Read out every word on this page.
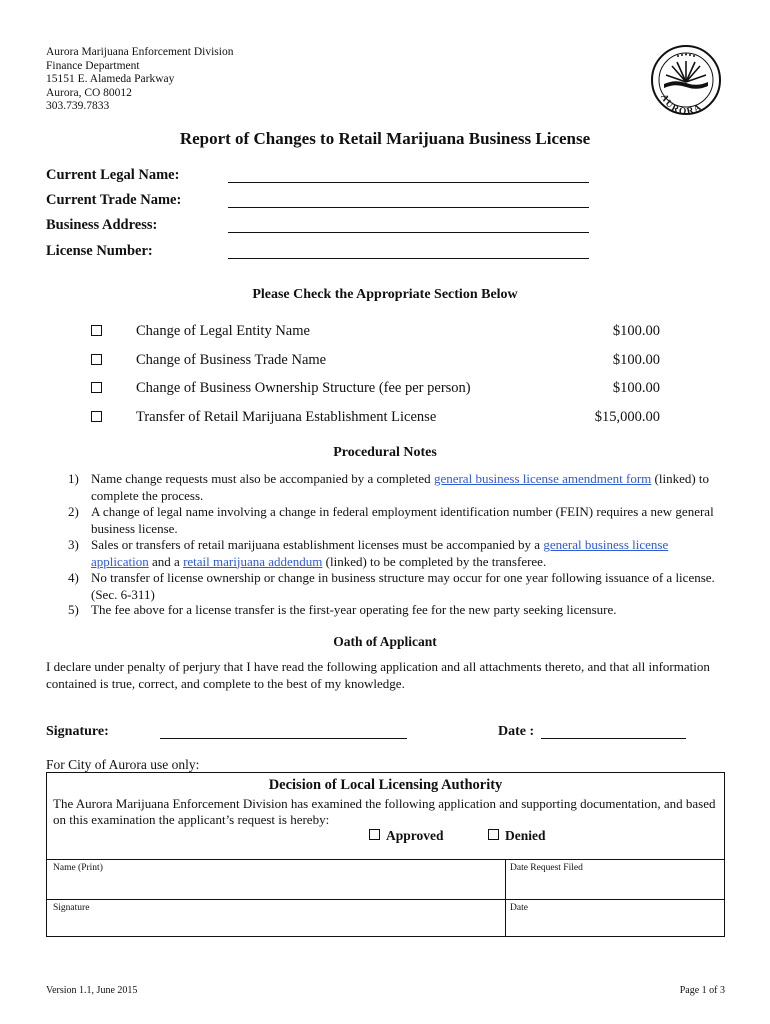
Aurora Marijuana Enforcement Division
Finance Department
15151 E. Alameda Parkway
Aurora, CO 80012
303.739.7833
AURORA
Report of Changes to Retail Marijuana Business License
Current Legal Name:
Current Trade Name:
Business Address:
License Number:
Please Check the Appropriate Section Below
Change of Legal Entity Name	$100.00
Change of Business Trade Name	$100.00
Change of Business Ownership Structure (fee per person)	$100.00
Transfer of Retail Marijuana Establishment License	$15,000.00
Procedural Notes
1) Name change requests must also be accompanied by a completed general business license amendment form (linked) to complete the process.
2) A change of legal name involving a change in federal employment identification number (FEIN) requires a new general business license.
3) Sales or transfers of retail marijuana establishment licenses must be accompanied by a general business license application and a retail marijuana addendum (linked) to be completed by the transferee.
4) No transfer of license ownership or change in business structure may occur for one year following issuance of a license. (Sec. 6-311)
5) The fee above for a license transfer is the first-year operating fee for the new party seeking licensure.
Oath of Applicant
I declare under penalty of perjury that I have read the following application and all attachments thereto, and that all information contained is true, correct, and complete to the best of my knowledge.
Signature:	Date :
For City of Aurora use only:
Decision of Local Licensing Authority
The Aurora Marijuana Enforcement Division has examined the following application and supporting documentation, and based on this examination the applicant’s request is hereby:
Approved	Denied
Name (Print)	Date Request Filed
Signature	Date
Version 1.1, June 2015	Page 1 of 3
